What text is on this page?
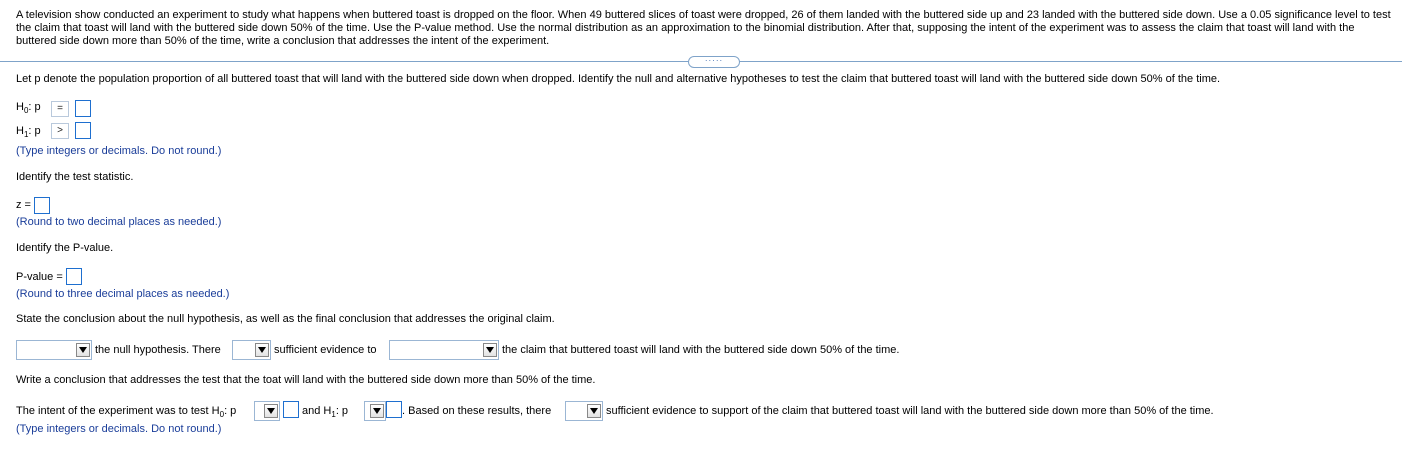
A television show conducted an experiment to study what happens when buttered toast is dropped on the floor. When 49 buttered slices of toast were dropped, 26 of them landed with the buttered side up and 23 landed with the buttered side down. Use a 0.05 significance level to test the claim that toast will land with the buttered side down 50% of the time. Use the P-value method. Use the normal distribution as an approximation to the binomial distribution. After that, supposing the intent of the experiment was to assess the claim that toast will land with the buttered side down more than 50% of the time, write a conclusion that addresses the intent of the experiment.
·····
Let p denote the population proportion of all buttered toast that will land with the buttered side down when dropped. Identify the null and alternative hypotheses to test the claim that buttered toast will land with the buttered side down 50% of the time.
$H_0$: p	=
$H_1$: p	>
(Type integers or decimals. Do not round.)
Identify the test statistic.
z =
(Round to two decimal places as needed.)
Identify the P-value.
P-value =
(Round to three decimal places as needed.)
State the conclusion about the null hypothesis, as well as the final conclusion that addresses the original claim.
the null hypothesis. There	sufficient evidence to	the claim that buttered toast will land with the buttered side down 50% of the time.
Write a conclusion that addresses the test that the toat will land with the buttered side down more than 50% of the time.
The intent of the experiment was to test $H_0$: p	and $H_1$: p	. Based on these results, there	sufficient evidence to support of the claim that buttered toast will land with the buttered side down more than 50% of the time.
(Type integers or decimals. Do not round.)
